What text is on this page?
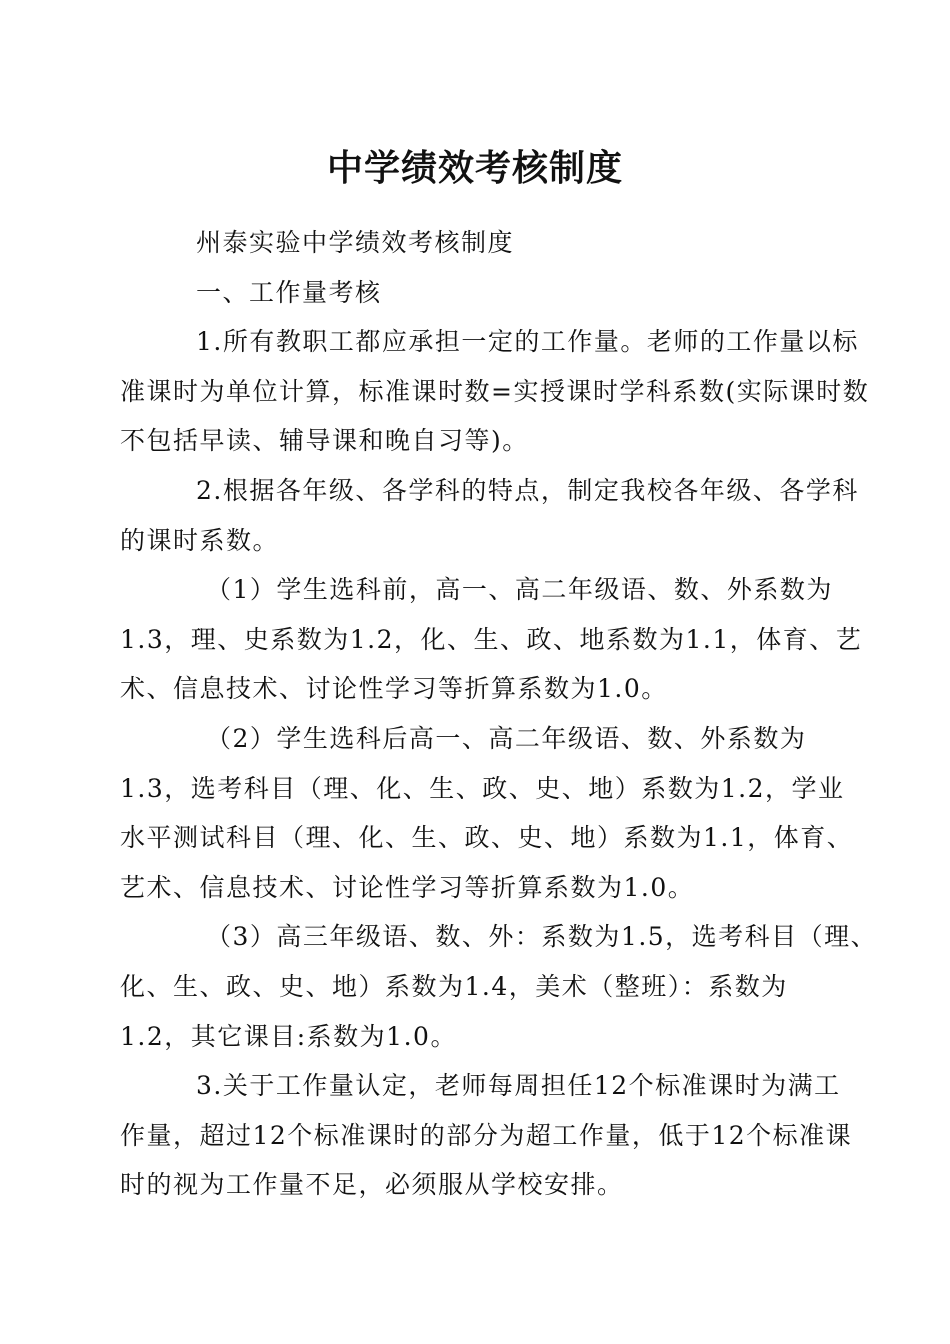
中学绩效考核制度
州泰实验中学绩效考核制度
一、工作量考核
1.所有教职工都应承担一定的工作量。老师的工作量以标
准课时为单位计算，标准课时数=实授课时学科系数(实际课时数
不包括早读、辅导课和晚自习等)。
2.根据各年级、各学科的特点，制定我校各年级、各学科
的课时系数。
（1）学生选科前，高一、高二年级语、数、外系数为
1.3，理、史系数为1.2，化、生、政、地系数为1.1，体育、艺
术、信息技术、讨论性学习等折算系数为1.0。
（2）学生选科后高一、高二年级语、数、外系数为
1.3，选考科目（理、化、生、政、史、地）系数为1.2，学业
水平测试科目（理、化、生、政、史、地）系数为1.1，体育、
艺术、信息技术、讨论性学习等折算系数为1.0。
（3）高三年级语、数、外：系数为1.5，选考科目（理、
化、生、政、史、地）系数为1.4，美术（整班）：系数为
1.2，其它课目:系数为1.0。
3.关于工作量认定，老师每周担任12个标准课时为满工
作量，超过12个标准课时的部分为超工作量，低于12个标准课
时的视为工作量不足，必须服从学校安排。
